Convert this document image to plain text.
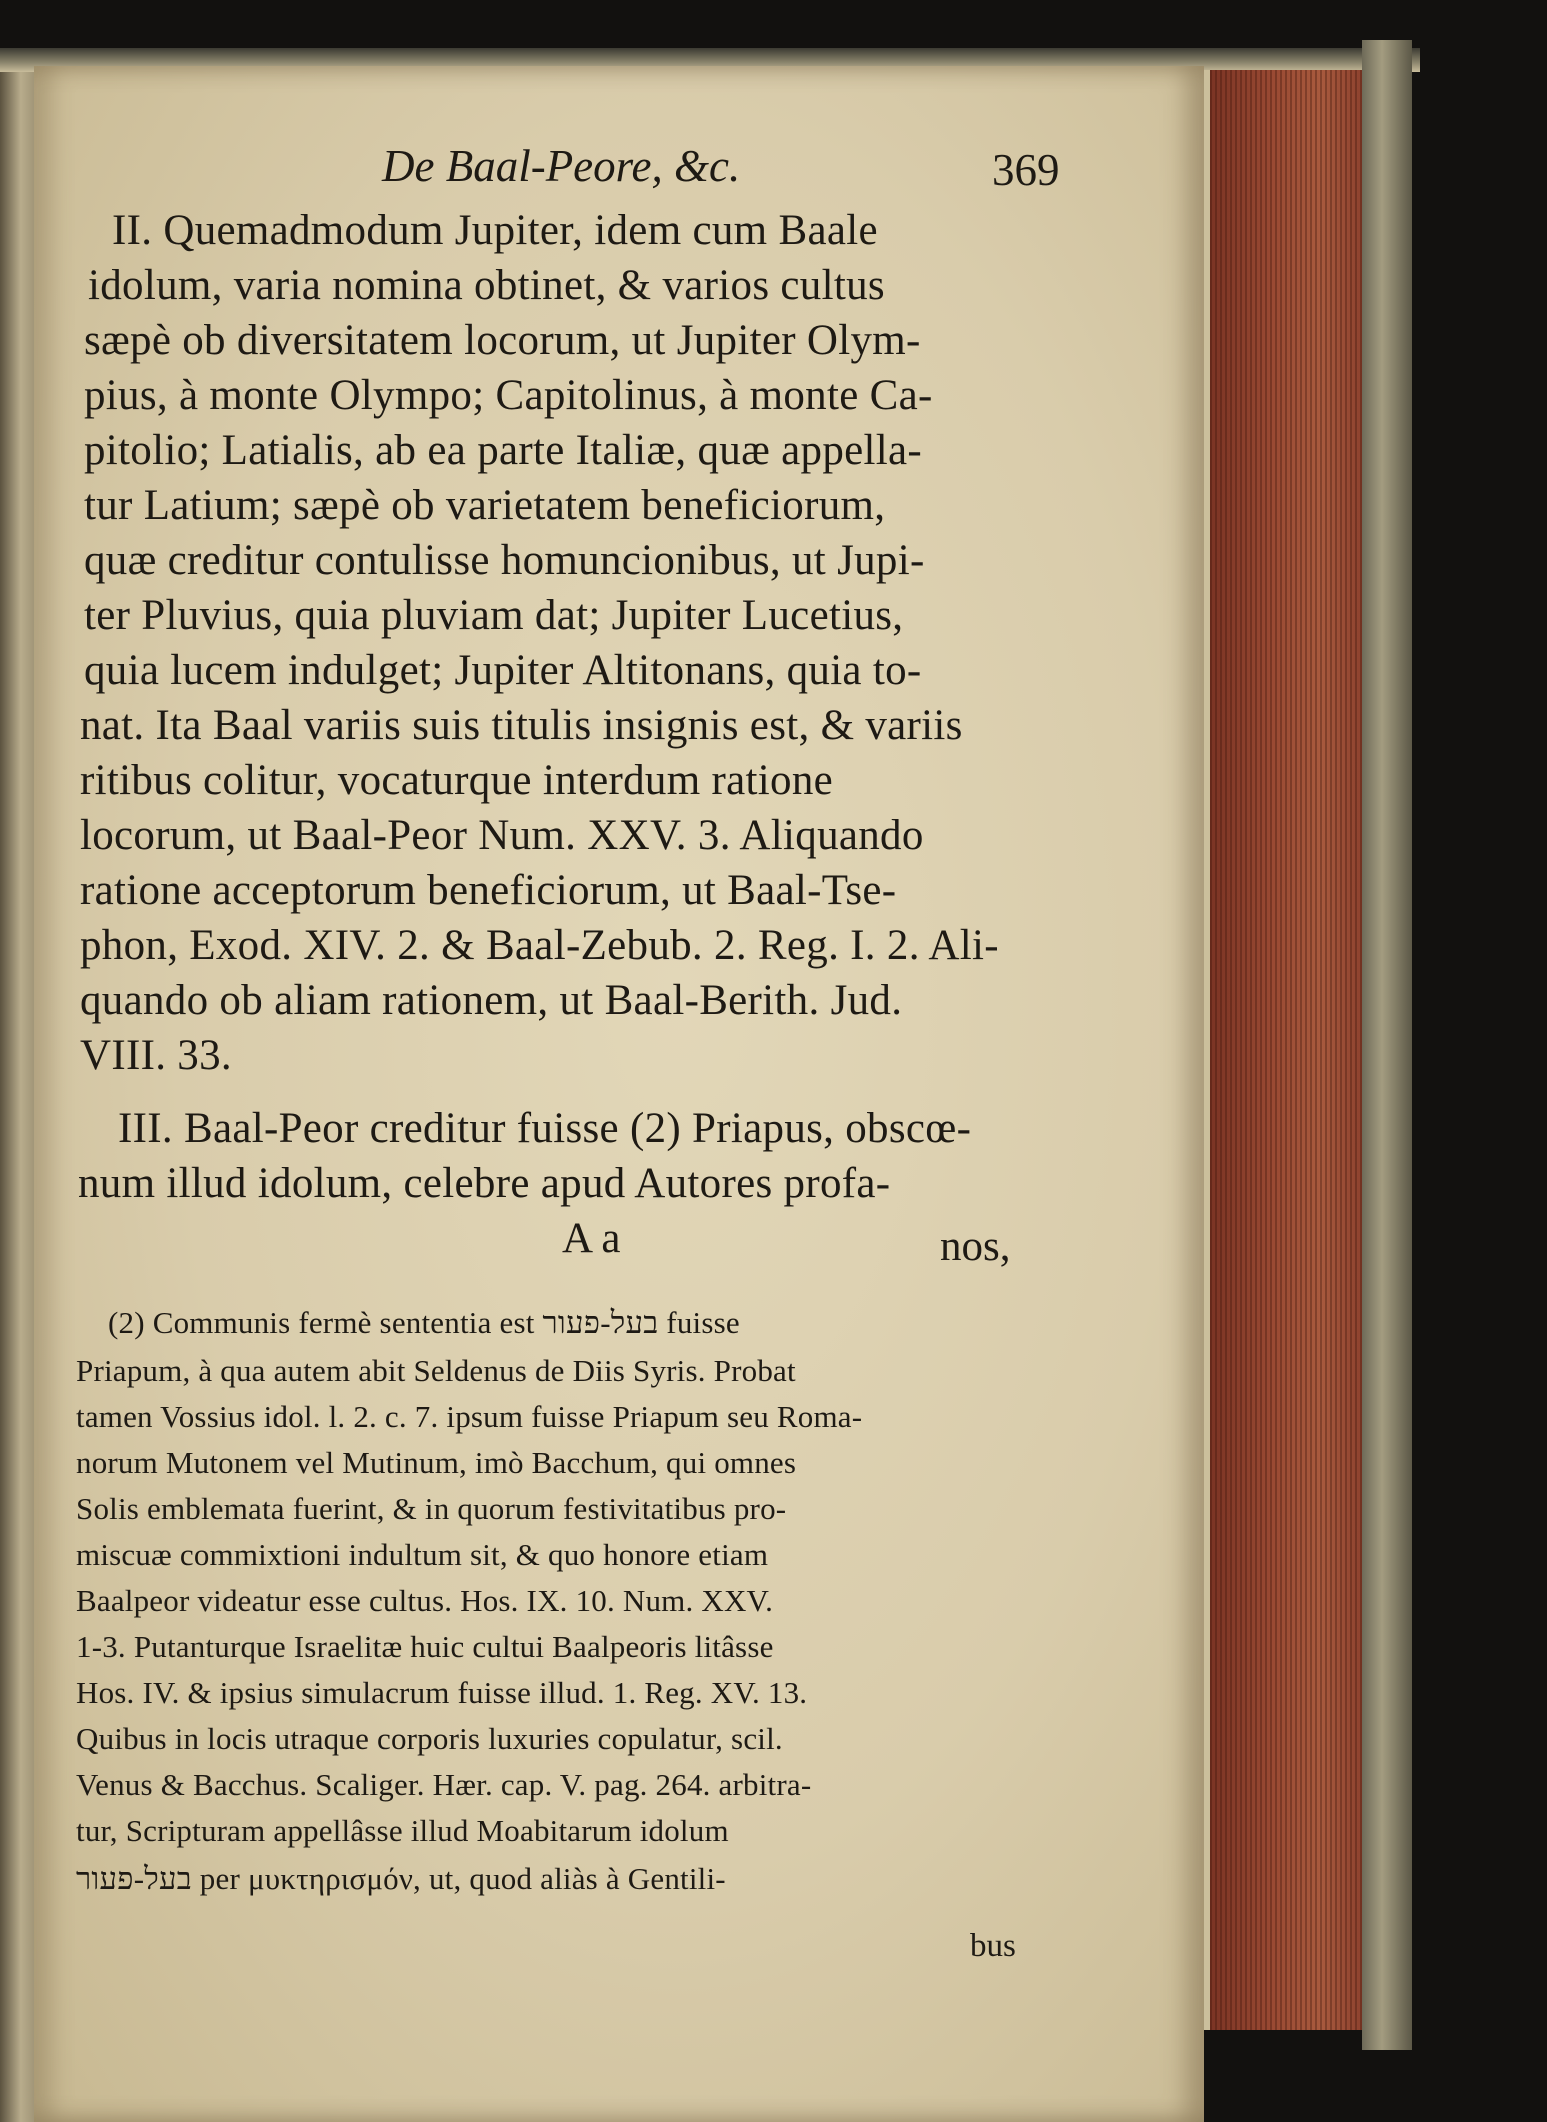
De Baal-Peore, &c.	369
II. Quemadmodum Jupiter, idem cum Baale
idolum, varia nomina obtinet, & varios cultus
sæpè ob diversitatem locorum, ut Jupiter Olym-
pius, à monte Olympo; Capitolinus, à monte Ca-
pitolio; Latialis, ab ea parte Italiæ, quæ appella-
tur Latium; sæpè ob varietatem beneficiorum,
quæ creditur contulisse homuncionibus, ut Jupi-
ter Pluvius, quia pluviam dat; Jupiter Lucetius,
quia lucem indulget; Jupiter Altitonans, quia to-
nat. Ita Baal variis suis titulis insignis est, & variis
ritibus colitur, vocaturque interdum ratione
locorum, ut Baal-Peor Num. XXV. 3. Aliquando
ratione acceptorum beneficiorum, ut Baal-Tse-
phon, Exod. XIV. 2. & Baal-Zebub. 2. Reg. I. 2. Ali-
quando ob aliam rationem, ut Baal-Berith. Jud.
VIII. 33.
III. Baal-Peor creditur fuisse (2) Priapus, obscœ-
num illud idolum, celebre apud Autores profa-
A a	nos,
(2) Communis fermè sententia est בעל-פעור fuisse
Priapum, à qua autem abit Seldenus de Diis Syris. Probat
tamen Vossius idol. l. 2. c. 7. ipsum fuisse Priapum seu Roma-
norum Mutonem vel Mutinum, imò Bacchum, qui omnes
Solis emblemata fuerint, & in quorum festivitatibus pro-
miscuæ commixtioni indultum sit, & quo honore etiam
Baalpeor videatur esse cultus. Hos. IX. 10. Num. XXV.
1-3. Putanturque Israelitæ huic cultui Baalpeoris litâsse
Hos. IV. & ipsius simulacrum fuisse illud. 1. Reg. XV. 13.
Quibus in locis utraque corporis luxuries copulatur, scil.
Venus & Bacchus. Scaliger. Hær. cap. V. pag. 264. arbitra-
tur, Scripturam appellâsse illud Moabitarum idolum
בעל-פעור per μυκτηρισμόν, ut, quod aliàs à Gentili-
bus
